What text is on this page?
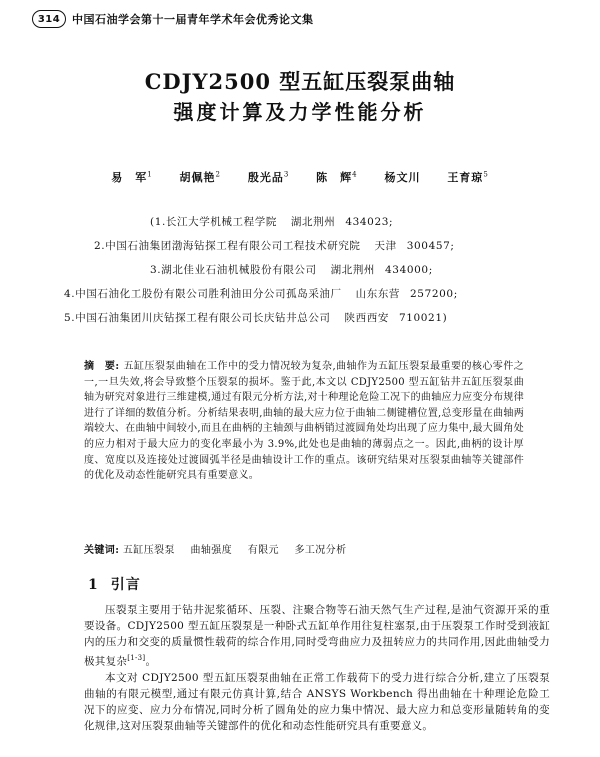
314	中国石油学会第十一届青年学术年会优秀论文集
CDJY2500 型五缸压裂泵曲轴
强度计算及力学性能分析
易　军$^1$ 胡佩艳$^2$ 殷光品$^3$ 陈　辉$^4$ 杨文川 王育琼$^5$
(1.长江大学机械工程学院 湖北荆州 434023;
2.中国石油集团渤海钻探工程有限公司工程技术研究院 天津 300457;
3.湖北佳业石油机械股份有限公司 湖北荆州 434000;
4.中国石油化工股份有限公司胜利油田分公司孤岛采油厂 山东东营 257200;
5.中国石油集团川庆钻探工程有限公司长庆钻井总公司 陕西西安 710021)
摘　要: 五缸压裂泵曲轴在工作中的受力情况较为复杂,曲轴作为五缸压裂泵最重要的核心零件之一,一旦失效,将会导致整个压裂泵的损坏。鉴于此,本文以 CDJY2500 型五缸钻井五缸压裂泵曲轴为研究对象进行三维建模,通过有限元分析方法,对十种理论危险工况下的曲轴应力应变分布规律进行了详细的数值分析。分析结果表明,曲轴的最大应力位于曲轴二侧键槽位置,总变形量在曲轴两端较大、在曲轴中间较小,而且在曲柄的主轴颈与曲柄销过渡圆角处均出现了应力集中,最大圆角处的应力相对于最大应力的变化率最小为 3.9%,此处也是曲轴的薄弱点之一。因此,曲柄的设计厚度、宽度以及连接处过渡圆弧半径是曲轴设计工作的重点。该研究结果对压裂泵曲轴等关键部件的优化及动态性能研究具有重要意义。
关键词: 五缸压裂泵 曲轴强度 有限元 多工况分析
1 引言
压裂泵主要用于钻井泥浆循环、压裂、注聚合物等石油天然气生产过程,是油气资源开采的重要设备。CDJY2500 型五缸压裂泵是一种卧式五缸单作用往复柱塞泵,由于压裂泵工作时受到液缸内的压力和交变的质量惯性载荷的综合作用,同时受弯曲应力及扭转应力的共同作用,因此曲轴受力极其复杂[1-3]。
本文对 CDJY2500 型五缸压裂泵曲轴在正常工作载荷下的受力进行综合分析,建立了压裂泵曲轴的有限元模型,通过有限元仿真计算,结合 ANSYS Workbench 得出曲轴在十种理论危险工况下的应变、应力分布情况,同时分析了圆角处的应力集中情况、最大应力和总变形量随转角的变化规律,这对压裂泵曲轴等关键部件的优化和动态性能研究具有重要意义。
